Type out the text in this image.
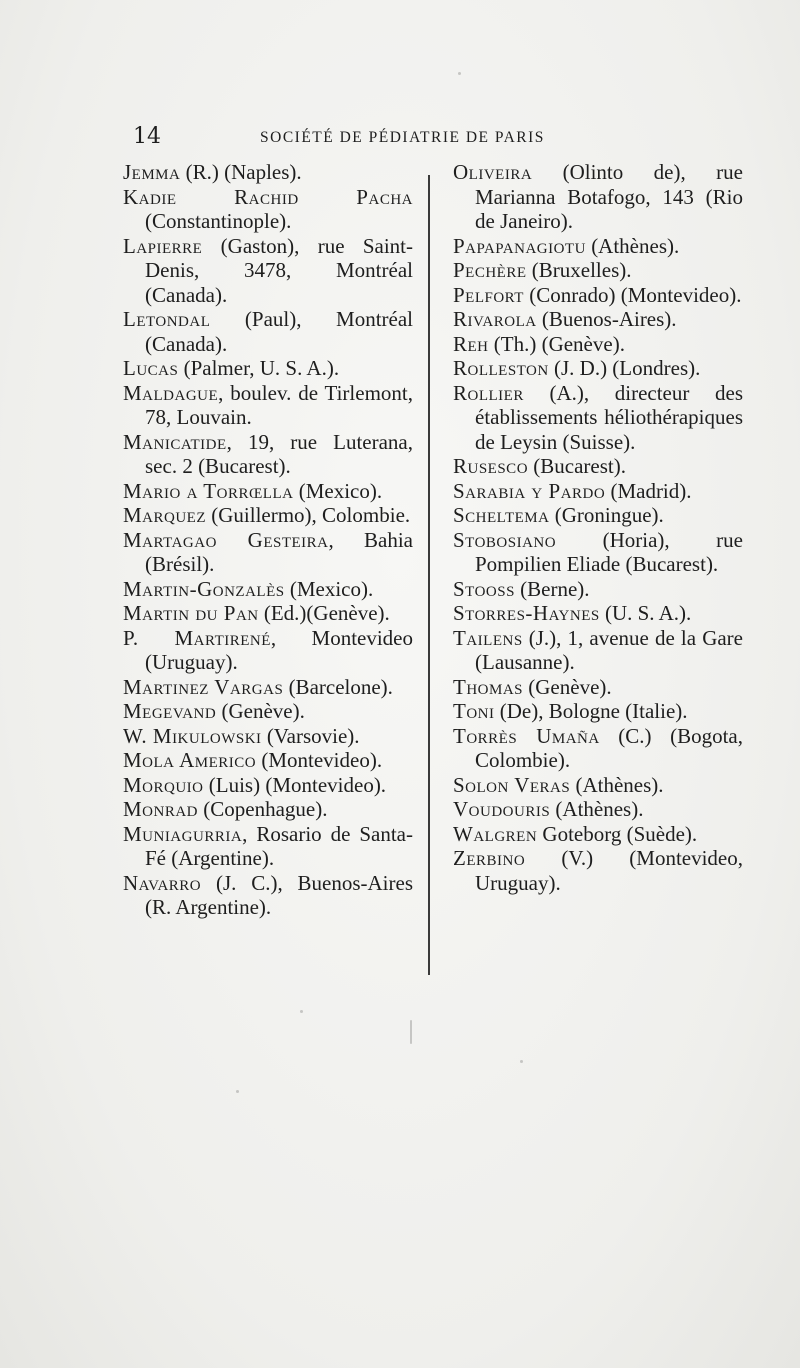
14	SOCIÉTÉ DE PÉDIATRIE DE PARIS

Jemma (R.) (Naples).

Kadie Rachid Pacha (Constantinople).

Lapierre (Gaston), rue Saint-Denis, 3478, Montréal (Canada).

Letondal (Paul), Montréal (Canada).

Lucas (Palmer, U. S. A.).

Maldague, boulev. de Tirlemont, 78, Louvain.

Manicatide, 19, rue Luterana, sec. 2 (Bucarest).

Mario a Torrœlla (Mexico).

Marquez (Guillermo), Colombie.

Martagao Gesteira, Bahia (Brésil).

Martin-Gonzalès (Mexico).

Martin du Pan (Ed.)(Genève).

P. Martirené, Montevideo (Uruguay).

Martinez Vargas (Barcelone).

Megevand (Genève).

W. Mikulowski (Varsovie).

Mola Americo (Montevideo).

Morquio (Luis) (Montevideo).

Monrad (Copenhague).

Muniagurria, Rosario de Santa-Fé (Argentine).

Navarro (J. C.), Buenos-Aires (R. Argentine).

Oliveira (Olinto de), rue Marianna Botafogo, 143 (Rio de Janeiro).

Papapanagiotu (Athènes).

Pechère (Bruxelles).

Pelfort (Conrado) (Montevideo).

Rivarola (Buenos-Aires).

Reh (Th.) (Genève).

Rolleston (J. D.) (Londres).

Rollier (A.), directeur des établissements héliothérapiques de Leysin (Suisse).

Rusesco (Bucarest).

Sarabia y Pardo (Madrid).

Scheltema (Groningue).

Stobosiano (Horia), rue Pompilien Eliade (Bucarest).

Stooss (Berne).

Storres-Haynes (U. S. A.).

Tailens (J.), 1, avenue de la Gare (Lausanne).

Thomas (Genève).

Toni (De), Bologne (Italie).

Torrès Umaña (C.) (Bogota, Colombie).

Solon Veras (Athènes).

Voudouris (Athènes).

Walgren Goteborg (Suède).

Zerbino (V.) (Montevideo, Uruguay).
